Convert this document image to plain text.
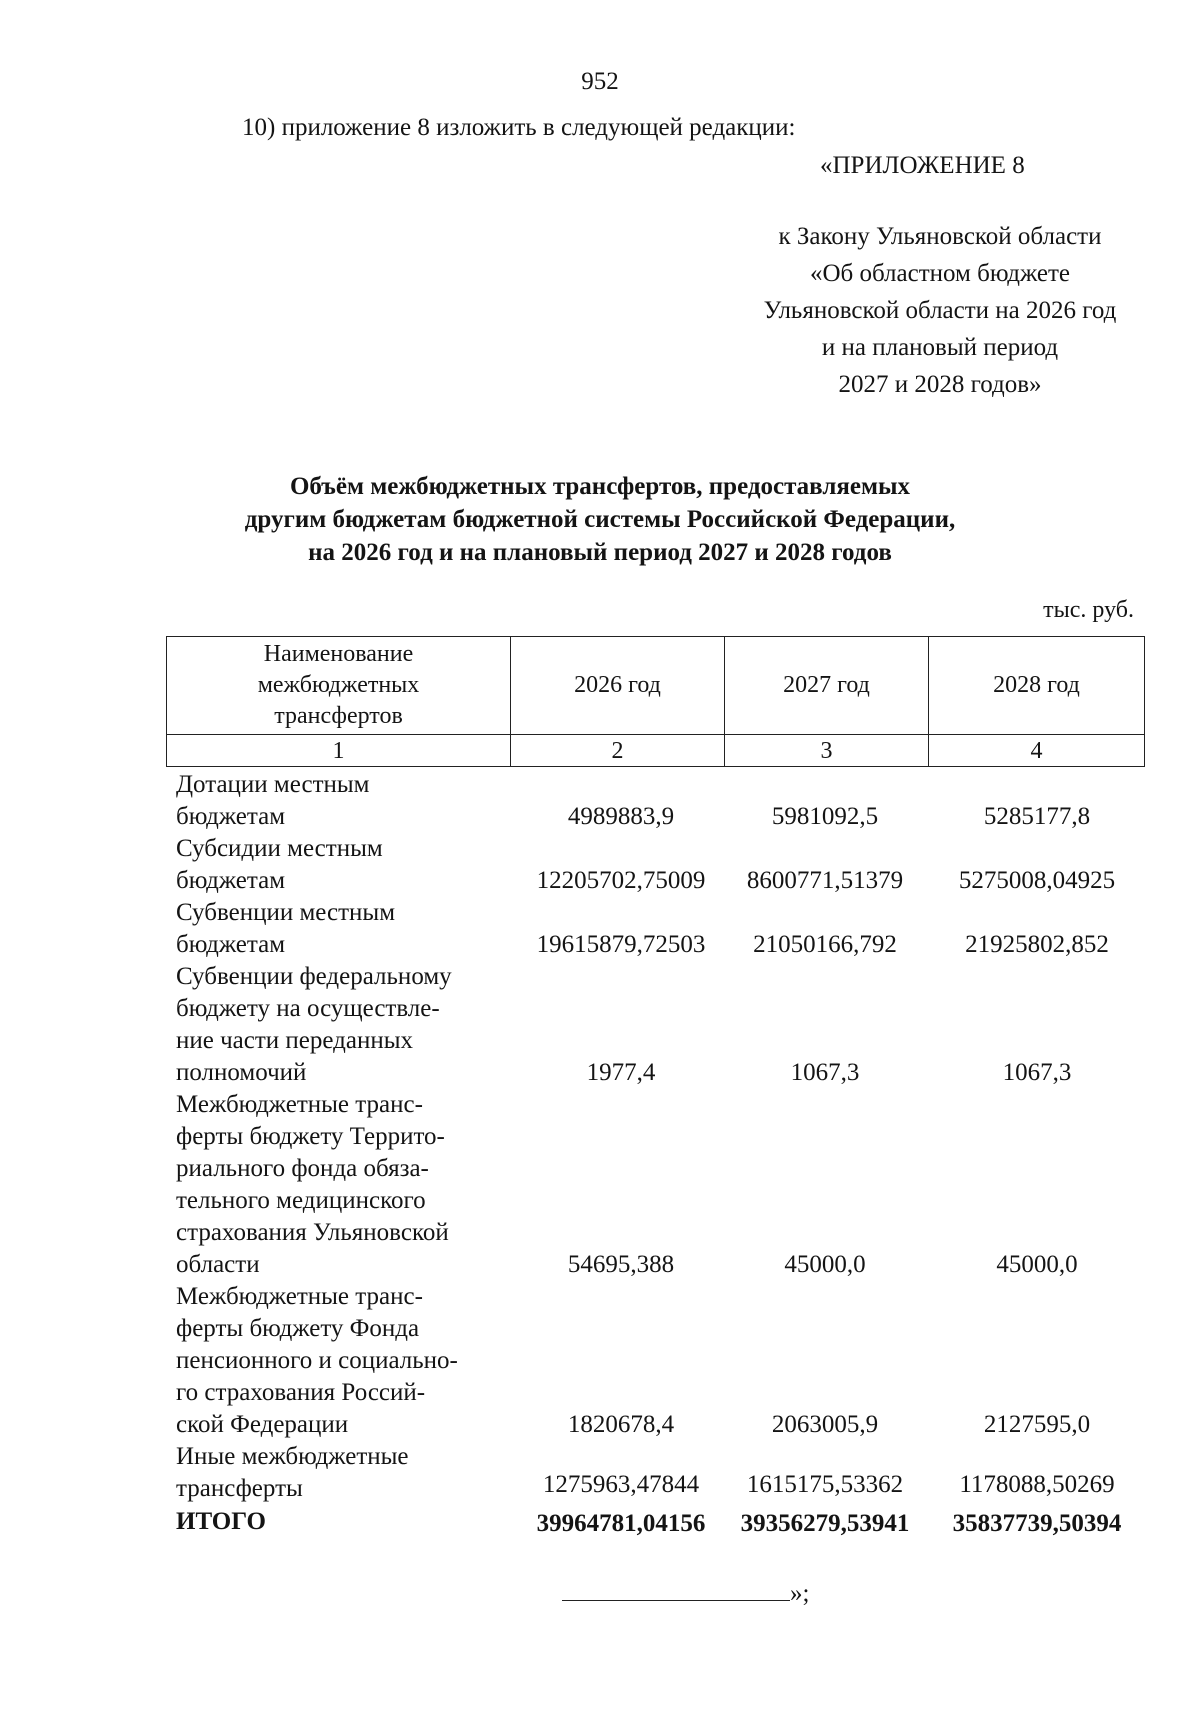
952
10) приложение 8 изложить в следующей редакции:
«ПРИЛОЖЕНИЕ 8
к Закону Ульяновской области
«Об областном бюджете
Ульяновской области на 2026 год
и на плановый период
2027 и 2028 годов»
Объём межбюджетных трансфертов, предоставляемых
другим бюджетам бюджетной системы Российской Федерации,
на 2026 год и на плановый период 2027 и 2028 годов
тыс. руб.
Наименование
межбюджетных
трансфертов	2026 год	2027 год	2028 год
1	2	3	4
Дотации местным
бюджетам	4989883,9	5981092,5	5285177,8
Субсидии местным
бюджетам	12205702,75009	8600771,51379	5275008,04925
Субвенции местным
бюджетам	19615879,72503	21050166,792	21925802,852
Субвенции федеральному
бюджету на осуществле-
ние части переданных
полномочий	1977,4	1067,3	1067,3
Межбюджетные транс-
ферты бюджету Террито-
риального фонда обяза-
тельного медицинского
страхования Ульяновской
области	54695,388	45000,0	45000,0
Межбюджетные транс-
ферты бюджету Фонда
пенсионного и социально-
го страхования Россий-
ской Федерации	1820678,4	2063005,9	2127595,0
Иные межбюджетные
трансферты	1275963,47844	1615175,53362	1178088,50269
ИТОГО	39964781,04156	39356279,53941	35837739,50394
»;
